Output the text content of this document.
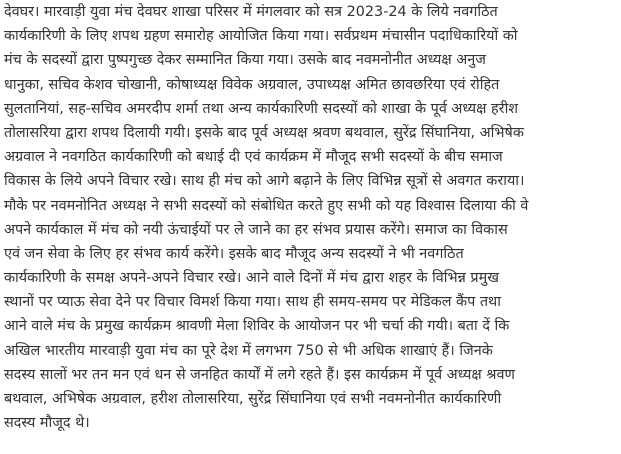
देवघर। मारवाड़ी युवा मंच देवघर शाखा परिसर में मंगलवार को सत्र 2023-24 के लिये नवगठित
कार्यकारिणी के लिए शपथ ग्रहण समारोह आयोजित किया गया। सर्वप्रथम मंचासीन पदाधिकारियों को
मंच के सदस्यों द्वारा पुष्पगुच्छ देकर सम्मानित किया गया। उसके बाद नवमनोनीत अध्यक्ष अनुज
धानुका, सचिव केशव चोखानी, कोषाध्यक्ष विवेक अग्रवाल, उपाध्यक्ष अमित छावछरिया एवं रोहित
सुलतानियां, सह-सचिव अमरदीप शर्मा तथा अन्य कार्यकारिणी सदस्यों को शाखा के पूर्व अध्यक्ष हरीश
तोलासरिया द्वारा शपथ दिलायी गयी। इसके बाद पूर्व अध्यक्ष श्रवण बथवाल, सुरेंद्र सिंघानिया, अभिषेक
अग्रवाल ने नवगठित कार्यकारिणी को बधाई दी एवं कार्यक्रम में मौजूद सभी सदस्यों के बीच समाज
विकास के लिये अपने विचार रखे। साथ ही मंच को आगे बढ़ाने के लिए विभिन्न सूत्रों से अवगत कराया।
मौके पर नवमनोनित अध्यक्ष ने सभी सदस्यों को संबोधित करते हुए सभी को यह विश्वास दिलाया की वे
अपने कार्यकाल में मंच को नयी ऊंचाईयों पर ले जाने का हर संभव प्रयास करेंगे। समाज का विकास
एवं जन सेवा के लिए हर संभव कार्य करेंगे। इसके बाद मौजूद अन्य सदस्यों ने भी नवगठित
कार्यकारिणी के समक्ष अपने-अपने विचार रखे। आने वाले दिनों में मंच द्वारा शहर के विभिन्न प्रमुख
स्थानों पर प्याऊ सेवा देने पर विचार विमर्श किया गया। साथ ही समय-समय पर मेडिकल कैंप तथा
आने वाले मंच के प्रमुख कार्यक्रम श्रावणी मेला शिविर के आयोजन पर भी चर्चा की गयी। बता दें कि
अखिल भारतीय मारवाड़ी युवा मंच का पूरे देश में लगभग 750 से भी अधिक शाखाएं हैं। जिनके
सदस्य सालों भर तन मन एवं धन से जनहित कार्यों में लगे रहते हैं। इस कार्यक्रम में पूर्व अध्यक्ष श्रवण
बथवाल, अभिषेक अग्रवाल, हरीश तोलासरिया, सुरेंद्र सिंघानिया एवं सभी नवमनोनीत कार्यकारिणी
सदस्य मौजूद थे।
